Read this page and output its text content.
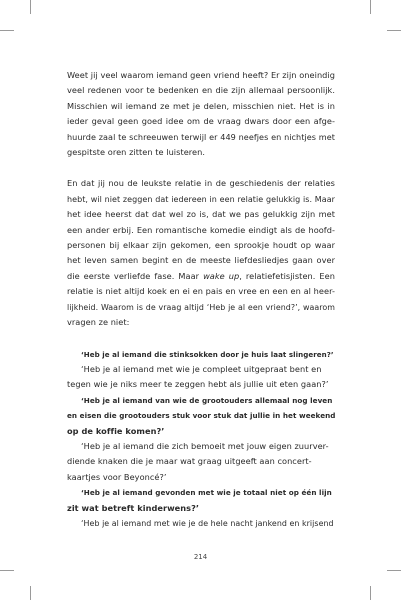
Weet jij veel waarom iemand geen vriend heeft? Er zijn oneindig
veel redenen voor te bedenken en die zijn allemaal persoonlijk.
Misschien wil iemand ze met je delen, misschien niet. Het is in
ieder geval geen goed idee om de vraag dwars door een afge-
huurde zaal te schreeuwen terwijl er 449 neefjes en nichtjes met
gespitste oren zitten te luisteren.

En dat jij nou de leukste relatie in de geschiedenis der relaties
hebt, wil niet zeggen dat iedereen in een relatie gelukkig is. Maar
het idee heerst dat dat wel zo is, dat we pas gelukkig zijn met
een ander erbij. Een romantische komedie eindigt als de hoofd-
personen bij elkaar zijn gekomen, een sprookje houdt op waar
het leven samen begint en de meeste liefdesliedjes gaan over
die eerste verliefde fase. Maar wake up, relatiefetisjisten. Een
relatie is niet altijd koek en ei en pais en vree en een en al heer-
lijkheid. Waarom is de vraag altijd ‘Heb je al een vriend?’, waarom
vragen ze niet:

‘Heb je al iemand die stinksokken door je huis laat slingeren?’
‘Heb je al iemand met wie je compleet uitgepraat bent en
tegen wie je niks meer te zeggen hebt als jullie uit eten gaan?’
‘Heb je al iemand van wie de grootouders allemaal nog leven
en eisen die grootouders stuk voor stuk dat jullie in het weekend
op de koffie komen?’
‘Heb je al iemand die zich bemoeit met jouw eigen zuurver-
diende knaken die je maar wat graag uitgeeft aan concert-
kaartjes voor Beyoncé?’
‘Heb je al iemand gevonden met wie je totaal niet op één lijn
zit wat betreft kinderwens?’
‘Heb je al iemand met wie je de hele nacht jankend en krijsend
214
